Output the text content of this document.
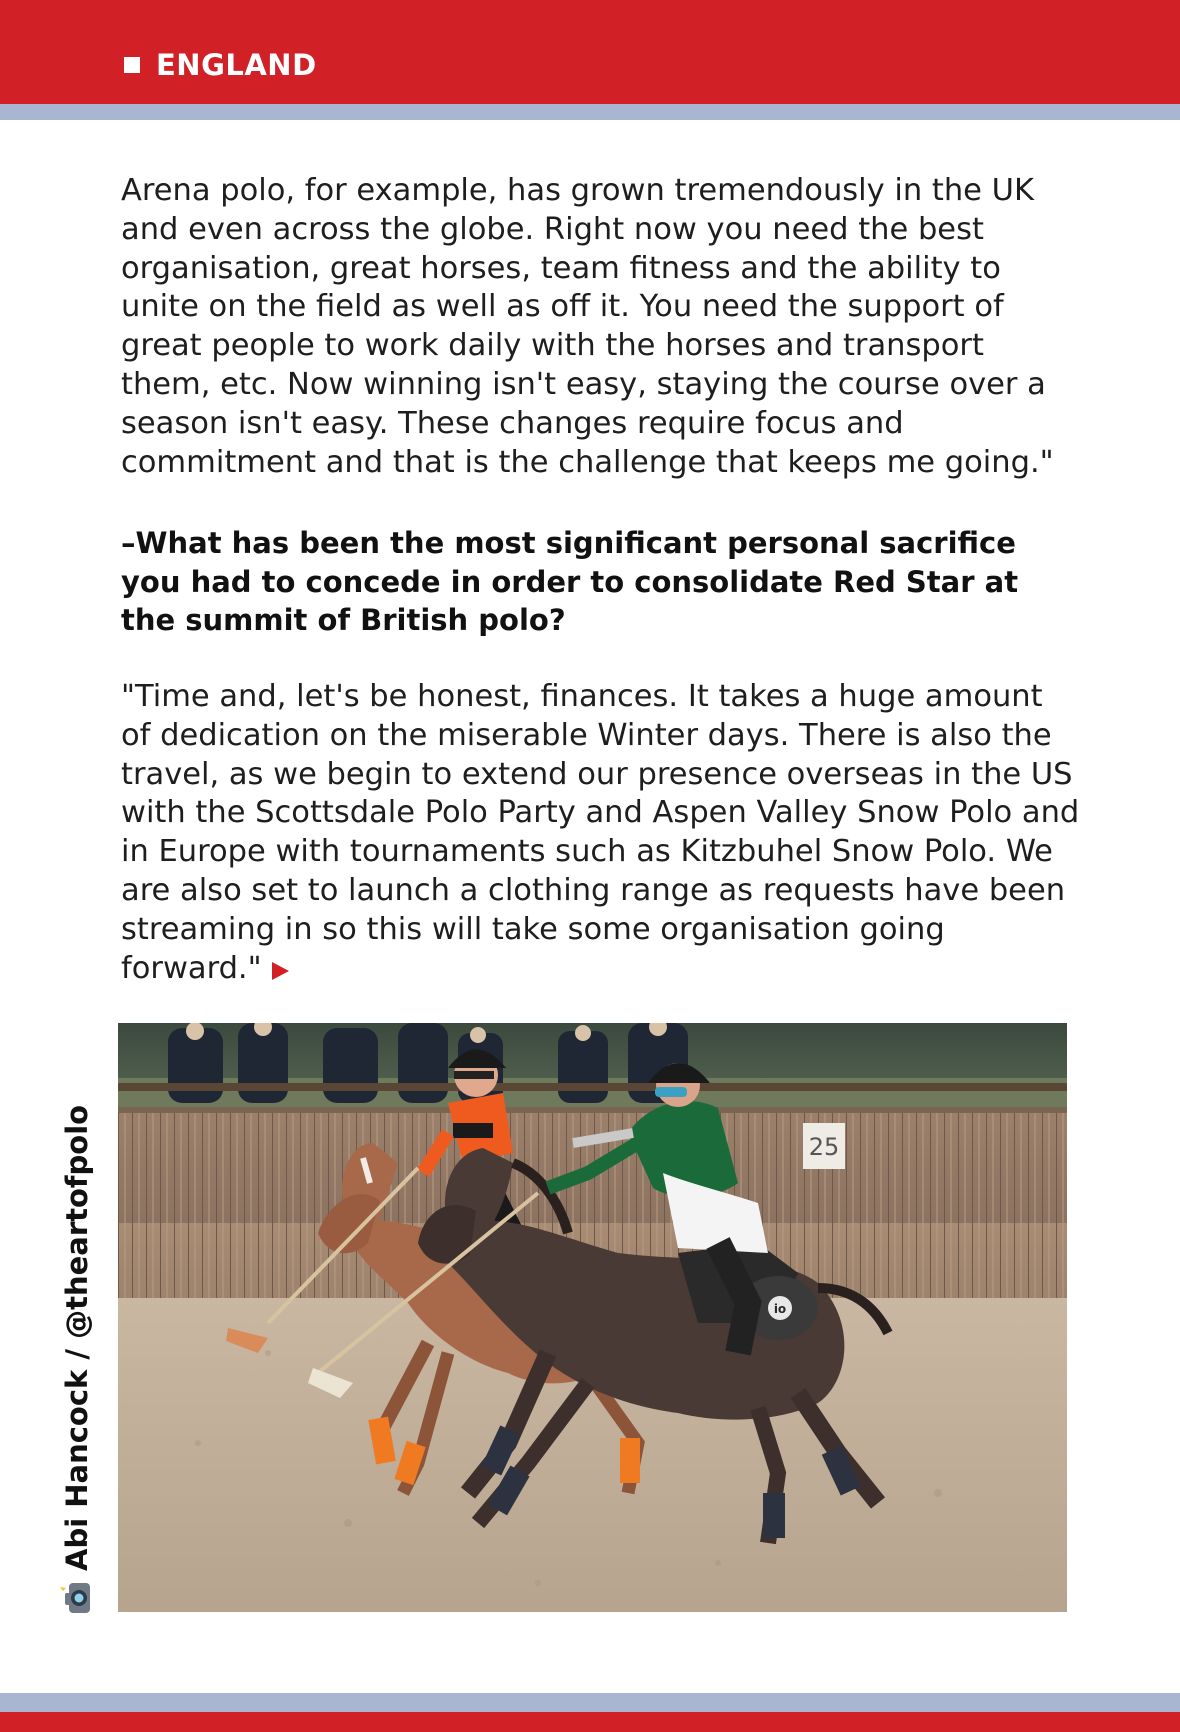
ENGLAND

Arena polo, for example, has grown tremendously in the UK and even across the globe. Right now you need the best organisation, great horses, team fitness and the ability to unite on the field as well as off it. You need the support of great people to work daily with the horses and transport them, etc. Now winning isn't easy, staying the course over a season isn't easy. These changes require focus and commitment and that is the challenge that keeps me going."

–What has been the most significant personal sacrifice you had to concede in order to consolidate Red Star at the summit of British polo?

"Time and, let's be honest, finances. It takes a huge amount of dedication on the miserable Winter days. There is also the travel, as we begin to extend our presence overseas in the US with the Scottsdale Polo Party and Aspen Valley Snow Polo and in Europe with tournaments such as Kitzbuhel Snow Polo. We are also set to launch a clothing range as requests have been streaming in so this will take some organisation going forward."

25
io
Abi Hancock / @theartofpolo
